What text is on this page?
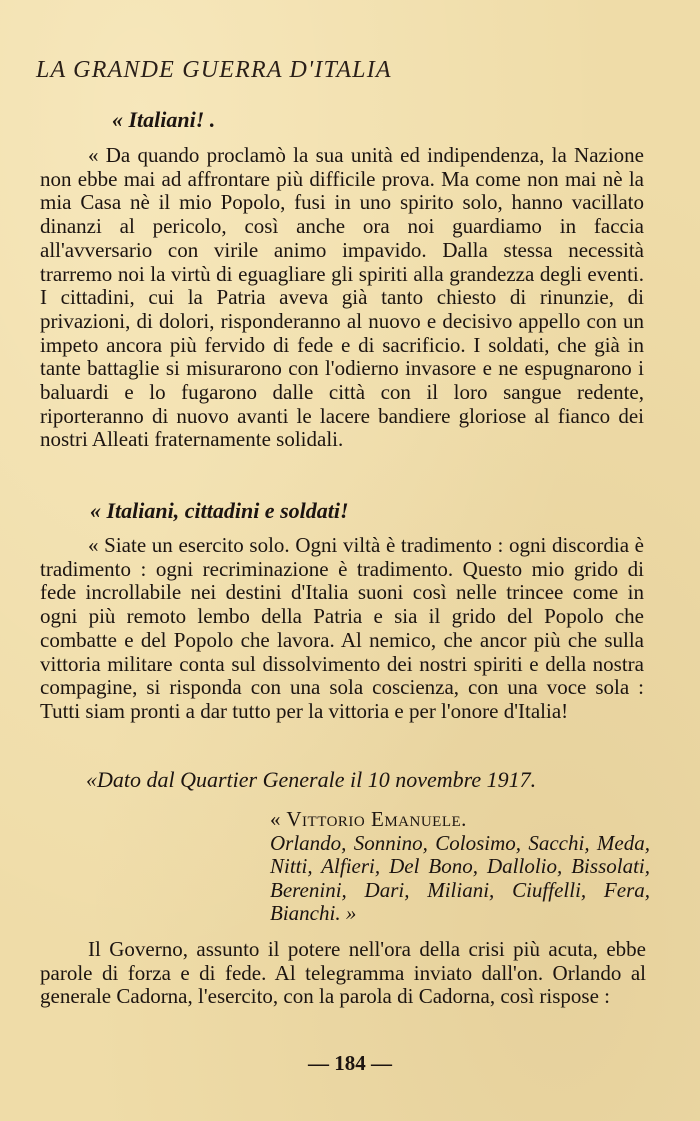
LA GRANDE GUERRA D'ITALIA
« Italiani! .

« Da quando proclamò la sua unità ed indipendenza, la Nazione non ebbe mai ad affrontare più difficile prova. Ma come non mai nè la mia Casa nè il mio Popolo, fusi in uno spirito solo, hanno vacillato dinanzi al pericolo, così anche ora noi guardiamo in faccia all'avversario con virile animo impavido. Dalla stessa necessità trarremo noi la virtù di eguagliare gli spiriti alla grandezza degli eventi. I cittadini, cui la Patria aveva già tanto chiesto di rinunzie, di privazioni, di dolori, risponderanno al nuovo e decisivo appello con un impeto ancora più fervido di fede e di sacrificio. I soldati, che già in tante battaglie si misurarono con l'odierno invasore e ne espugnarono i baluardi e lo fugarono dalle città con il loro sangue redente, riporteranno di nuovo avanti le lacere bandiere gloriose al fianco dei nostri Alleati fraternamente solidali.

« Italiani, cittadini e soldati!

« Siate un esercito solo. Ogni viltà è tradimento : ogni discordia è tradimento : ogni recriminazione è tradimento. Questo mio grido di fede incrollabile nei destini d'Italia suoni così nelle trincee come in ogni più remoto lembo della Patria e sia il grido del Popolo che combatte e del Popolo che lavora. Al nemico, che ancor più che sulla vittoria militare conta sul dissolvimento dei nostri spiriti e della nostra compagine, si risponda con una sola coscienza, con una voce sola : Tutti siam pronti a dar tutto per la vittoria e per l'onore d'Italia!

«Dato dal Quartier Generale il 10 novembre 1917.
« Vittorio Emanuele.
Orlando, Sonnino, Colosimo, Sacchi, Meda, Nitti, Alfieri, Del Bono, Dallolio, Bissolati, Berenini, Dari, Miliani, Ciuffelli, Fera, Bianchi. »

Il Governo, assunto il potere nell'ora della crisi più acuta, ebbe parole di forza e di fede. Al telegramma inviato dall'on. Orlando al generale Cadorna, l'esercito, con la parola di Cadorna, così rispose :

— 184 —
